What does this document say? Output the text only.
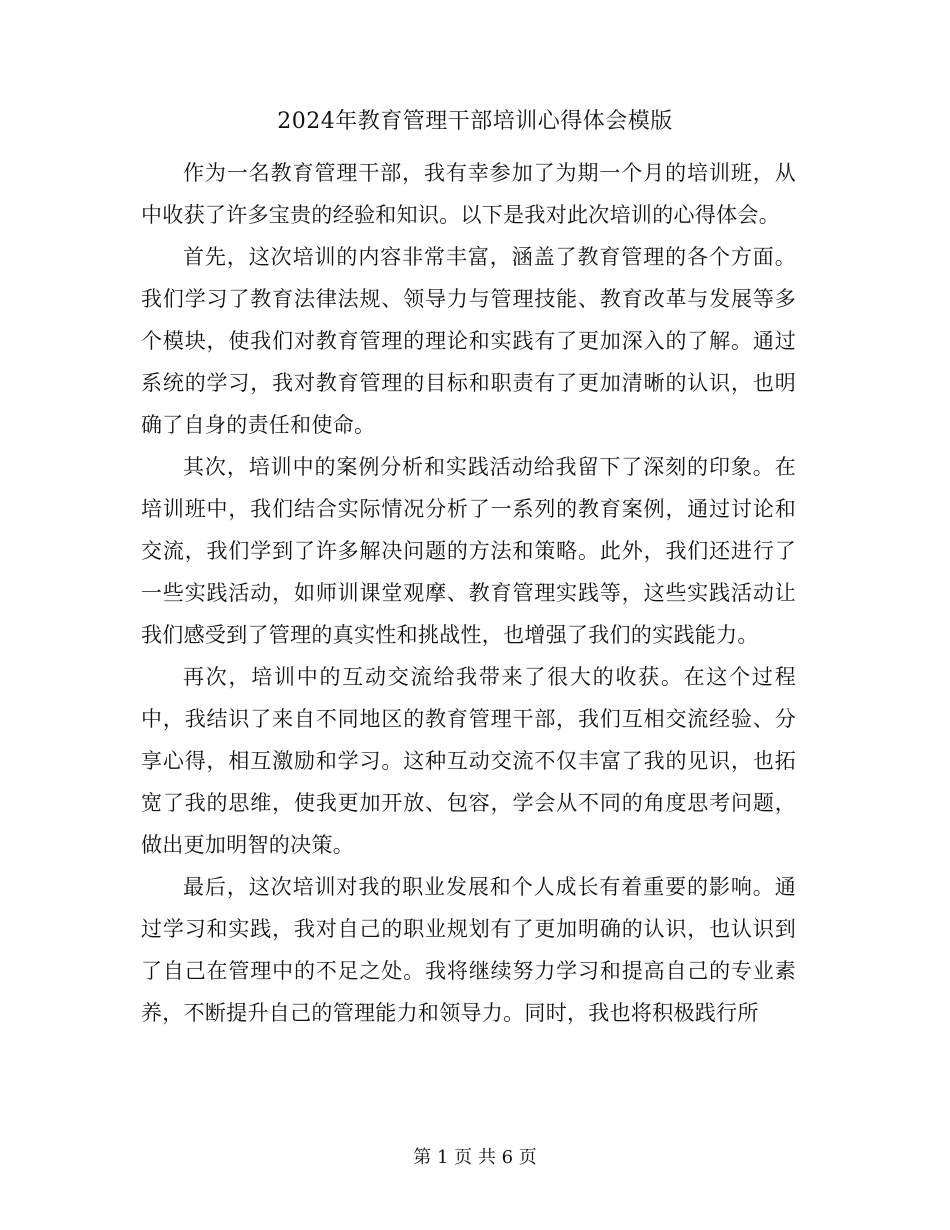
2024年教育管理干部培训心得体会模版

作为一名教育管理干部，我有幸参加了为期一个月的培训班，从中收获了许多宝贵的经验和知识。以下是我对此次培训的心得体会。

首先，这次培训的内容非常丰富，涵盖了教育管理的各个方面。我们学习了教育法律法规、领导力与管理技能、教育改革与发展等多个模块，使我们对教育管理的理论和实践有了更加深入的了解。通过系统的学习，我对教育管理的目标和职责有了更加清晰的认识，也明确了自身的责任和使命。

其次，培训中的案例分析和实践活动给我留下了深刻的印象。在培训班中，我们结合实际情况分析了一系列的教育案例，通过讨论和交流，我们学到了许多解决问题的方法和策略。此外，我们还进行了一些实践活动，如师训课堂观摩、教育管理实践等，这些实践活动让我们感受到了管理的真实性和挑战性，也增强了我们的实践能力。

再次，培训中的互动交流给我带来了很大的收获。在这个过程中，我结识了来自不同地区的教育管理干部，我们互相交流经验、分享心得，相互激励和学习。这种互动交流不仅丰富了我的见识，也拓宽了我的思维，使我更加开放、包容，学会从不同的角度思考问题，做出更加明智的决策。

最后，这次培训对我的职业发展和个人成长有着重要的影响。通过学习和实践，我对自己的职业规划有了更加明确的认识，也认识到了自己在管理中的不足之处。我将继续努力学习和提高自己的专业素养，不断提升自己的管理能力和领导力。同时，我也将积极践行所

第 1 页 共 6 页
